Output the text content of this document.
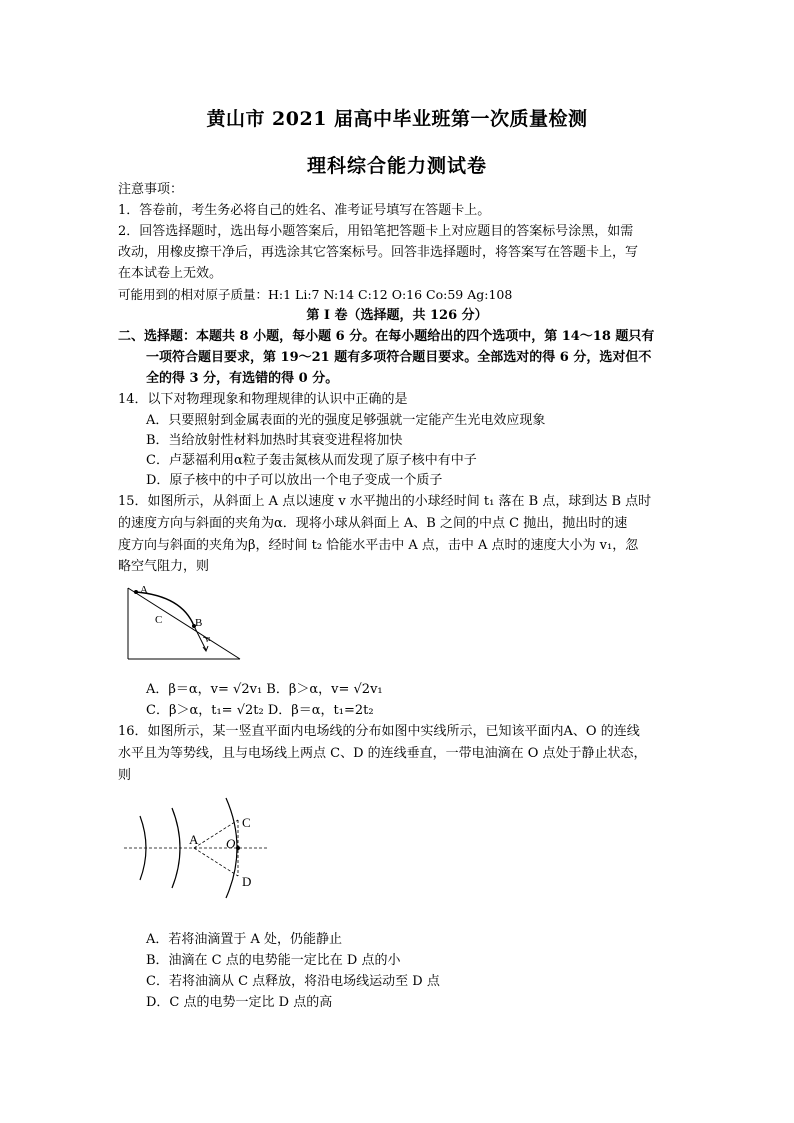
黄山市 2021 届高中毕业班第一次质量检测
理科综合能力测试卷
注意事项：
1．答卷前，考生务必将自己的姓名、准考证号填写在答题卡上。
2．回答选择题时，选出每小题答案后，用铅笔把答题卡上对应题目的答案标号涂黑，如需
改动，用橡皮擦干净后，再选涂其它答案标号。回答非选择题时，将答案写在答题卡上，写
在本试卷上无效。
可能用到的相对原子质量：H:1 Li:7 N:14 C:12 O:16 Co:59 Ag:108
第 I 卷（选择题，共 126 分）
二、选择题：本题共 8 小题，每小题 6 分。在每小题给出的四个选项中，第 14～18 题只有
一项符合题目要求，第 19～21 题有多项符合题目要求。全部选对的得 6 分，选对但不
全的得 3 分，有选错的得 0 分。
14．以下对物理现象和物理规律的认识中正确的是
A．只要照射到金属表面的光的强度足够强就一定能产生光电效应现象
B．当给放射性材料加热时其衰变进程将加快
C．卢瑟福利用α粒子轰击氮核从而发现了原子核中有中子
D．原子核中的中子可以放出一个电子变成一个质子
15．如图所示，从斜面上 A 点以速度 v 水平抛出的小球经时间 t₁ 落在 B 点，球到达 B 点时
的速度方向与斜面的夹角为α．现将小球从斜面上 A、B 之间的中点 C 抛出，抛出时的速
度方向与斜面的夹角为β，经时间 t₂ 恰能水平击中 A 点，击中 A 点时的速度大小为 v₁，忽
略空气阻力，则
A
C	B
α
A．β＝α，v= √2v₁ B．β＞α，v= √2v₁
C．β＞α，t₁= √2t₂ D．β＝α，t₁=2t₂
16．如图所示，某一竖直平面内电场线的分布如图中实线所示，已知该平面内A、O 的连线
水平且为等势线，且与电场线上两点 C、D 的连线垂直，一带电油滴在 O 点处于静止状态，
则
A O
C
D
A．若将油滴置于 A 处，仍能静止
B．油滴在 C 点的电势能一定比在 D 点的小
C．若将油滴从 C 点释放，将沿电场线运动至 D 点
D．C 点的电势一定比 D 点的高
